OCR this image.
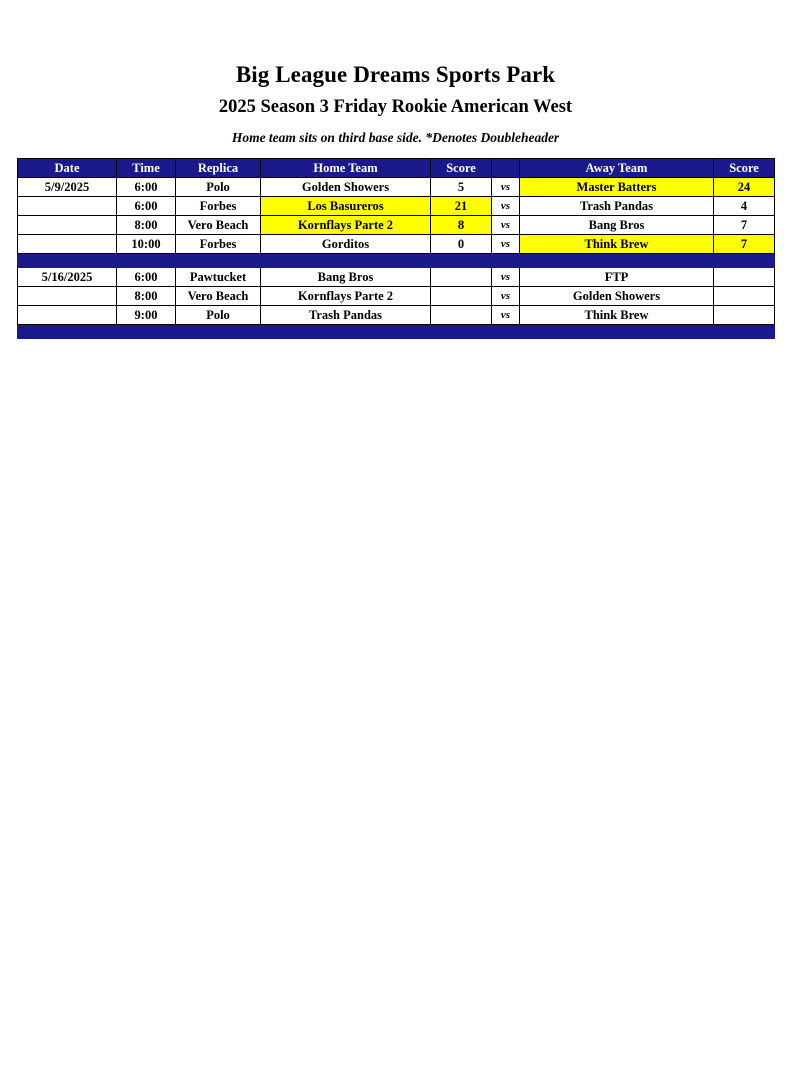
Big League Dreams Sports Park
2025 Season 3 Friday Rookie American West
Home team sits on third base side. *Denotes Doubleheader
Date	Time	Replica	Home Team	Score		Away Team	Score
5/9/2025	6:00	Polo	Golden Showers	5	vs	Master Batters	24
	6:00	Forbes	Los Basureros	21	vs	Trash Pandas	4
	8:00	Vero Beach	Kornflays Parte 2	8	vs	Bang Bros	7
	10:00	Forbes	Gorditos	0	vs	Think Brew	7

5/16/2025	6:00	Pawtucket	Bang Bros		vs	FTP	
	8:00	Vero Beach	Kornflays Parte 2		vs	Golden Showers	
	9:00	Polo	Trash Pandas		vs	Think Brew	
